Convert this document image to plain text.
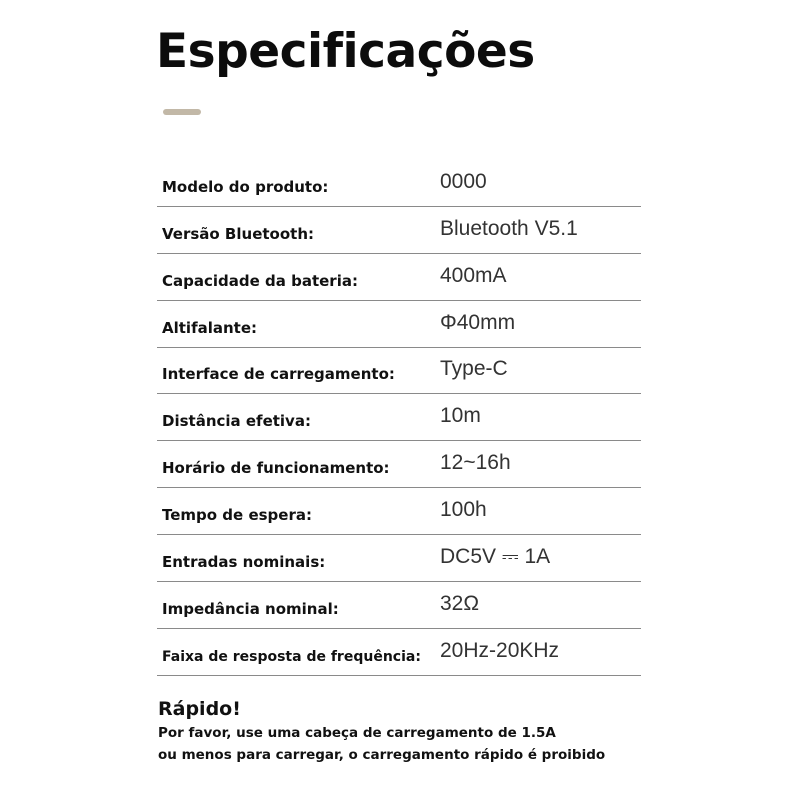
Especificações
Modelo do produto:	0000
Versão Bluetooth:	Bluetooth V5.1
Capacidade da bateria:	400mA
Altifalante:	Φ40mm
Interface de carregamento: Type-C
Distância efetiva:	10m
Horário de funcionamento: 12~16h
Tempo de espera:	100h
Entradas nominais:	DC5V ⎓ 1A
Impedância nominal:	32Ω
Faixa de resposta de frequência: 20Hz-20KHz
Rápido!
Por favor, use uma cabeça de carregamento de 1.5A
ou menos para carregar, o carregamento rápido é proibido
